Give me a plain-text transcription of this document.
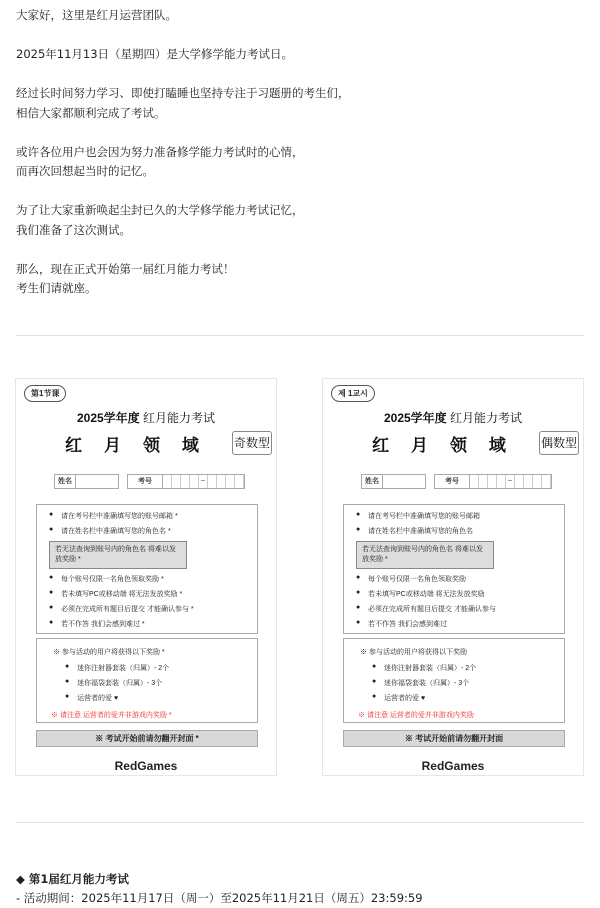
大家好，这里是红月运营团队。

2025年11月13日（星期四）是大学修学能力考试日。

经过长时间努力学习、即使打瞌睡也坚持专注于习题册的考生们，
相信大家都顺利完成了考试。

或许各位用户也会因为努力准备修学能力考试时的心情，
而再次回想起当时的记忆。

为了让大家重新唤起尘封已久的大学修学能力考试记忆，
我们准备了这次测试。

那么，现在正式开始第一届红月能力考试！
考生们请就座。

第1节课
2025学年度 红月能力考试
红 月 领 域	奇数型
姓名	考号	–
● 请在考号栏中准确填写您的账号邮箱 *
● 请在姓名栏中准确填写您的角色名 *
若无法查询到账号内的角色名 将难以发放奖励 *
● 每个账号仅限一名角色领取奖励 *
● 若未填写PC或移动端 将无法发放奖励 *
● 必须在完成所有题目后提交 才能确认参与 *
● 若不作答 我们会感到难过 *
※ 参与活动的用户将获得以下奖励 *
● 迷你注射器套装（归属）- 2个
● 迷你福袋套装（归属）- 3个
● 运营者的爱 ♥
※ 请注意 运营者的爱并非游戏内奖励 *
※ 考试开始前请勿翻开封面 *
RedGames
제 1교시
2025学年度 红月能力考试
红 月 领 域	偶数型
姓名	考号	–
● 请在考号栏中准确填写您的账号邮箱
● 请在姓名栏中准确填写您的角色名
若无法查询到账号内的角色名 将难以发放奖励 *
● 每个账号仅限一名角色领取奖励
● 若未填写PC或移动端 将无法发放奖励
● 必须在完成所有题目后提交 才能确认参与
● 若不作答 我们会感到难过
※ 参与活动的用户将获得以下奖励
● 迷你注射器套装（归属）- 2个
● 迷你福袋套装（归属）- 3个
● 运营者的爱 ♥
※ 请注意 运营者的爱并非游戏内奖励
※ 考试开始前请勿翻开封面
RedGames
◆ 第1届红月能力考试
- 活动期间：2025年11月17日（周一）至2025年11月21日（周五）23:59:59
